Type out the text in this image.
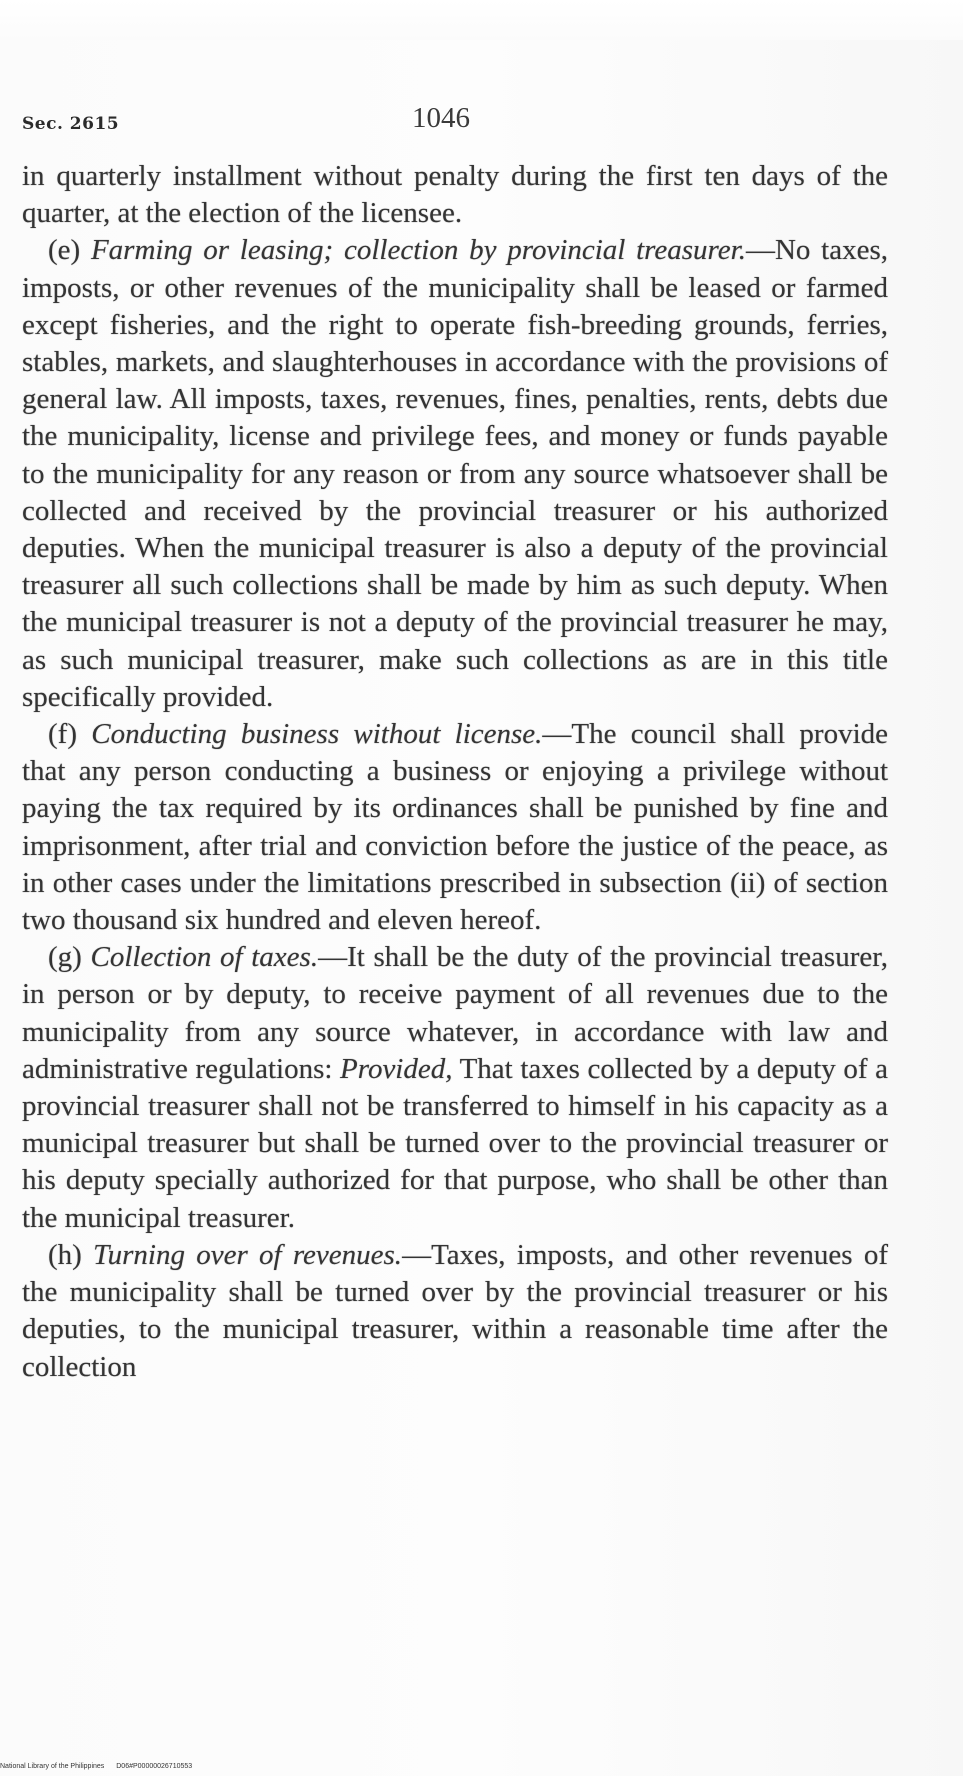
Sec. 2615	1046

in quarterly installment without penalty during the first ten days of the quarter, at the election of the licensee.

(e) Farming or leasing; collection by provincial treasurer.—No taxes, imposts, or other revenues of the municipality shall be leased or farmed except fisheries, and the right to operate fish-breeding grounds, ferries, stables, markets, and slaughterhouses in accordance with the provisions of general law. All imposts, taxes, revenues, fines, penalties, rents, debts due the municipality, license and privilege fees, and money or funds payable to the municipality for any reason or from any source whatsoever shall be collected and received by the provincial treasurer or his authorized deputies. When the municipal treasurer is also a deputy of the provincial treasurer all such collections shall be made by him as such deputy. When the municipal treasurer is not a deputy of the provincial treasurer he may, as such municipal treasurer, make such collections as are in this title specifically provided.

(f) Conducting business without license.—The council shall provide that any person conducting a business or enjoying a privilege without paying the tax required by its ordinances shall be punished by fine and imprisonment, after trial and conviction before the justice of the peace, as in other cases under the limitations prescribed in subsection (ii) of section two thousand six hundred and eleven hereof.

(g) Collection of taxes.—It shall be the duty of the provincial treasurer, in person or by deputy, to receive payment of all revenues due to the municipality from any source whatever, in accordance with law and administrative regulations: Provided, That taxes collected by a deputy of a provincial treasurer shall not be transferred to himself in his capacity as a municipal treasurer but shall be turned over to the provincial treasurer or his deputy specially authorized for that purpose, who shall be other than the municipal treasurer.

(h) Turning over of revenues.—Taxes, imposts, and other revenues of the municipality shall be turned over by the provincial treasurer or his deputies, to the municipal treasurer, within a reasonable time after the collection

National Library of the Philippines D06#P00000026710553
